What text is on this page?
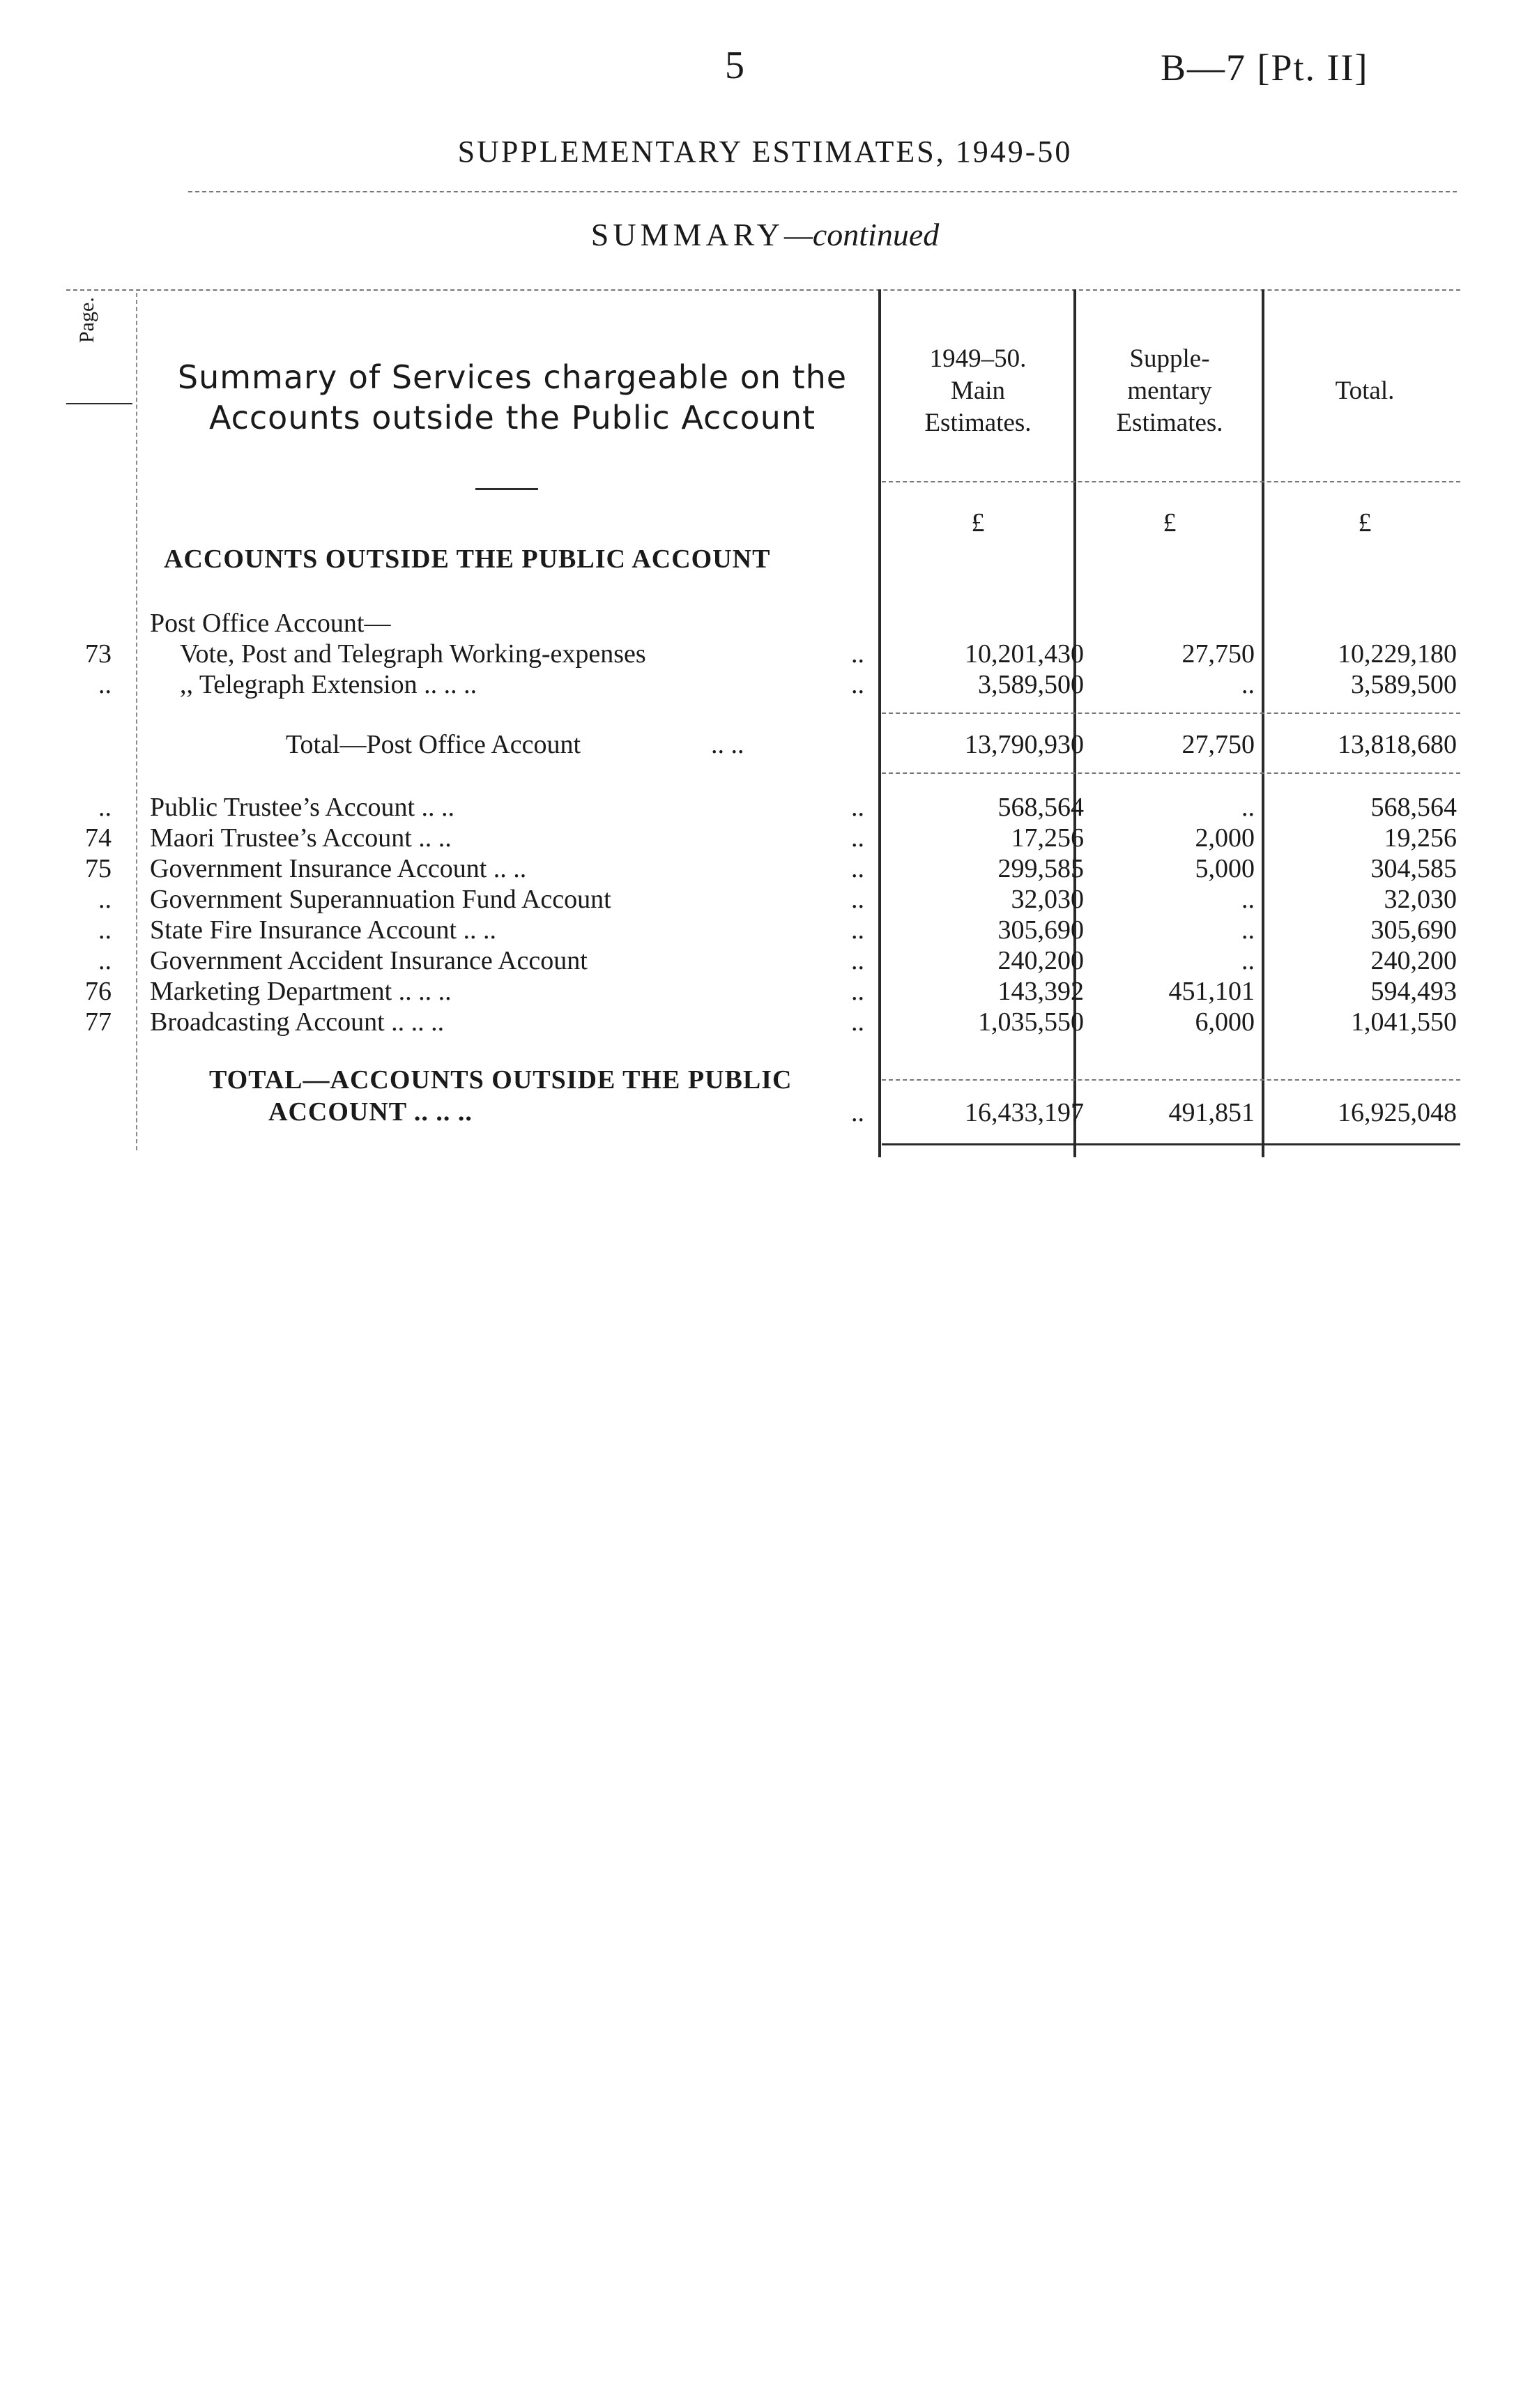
5	B—7 [Pt. II]
SUPPLEMENTARY ESTIMATES, 1949-50
SUMMARY—continued
Page.
Summary of Services chargeable on the
Accounts outside the Public Account
1949–50.
Main
Estimates.
Supple-
mentary
Estimates.
Total.
£	£	£
ACCOUNTS OUTSIDE THE PUBLIC ACCOUNT
Post Office Account—
73	Vote, Post and Telegraph Working-expenses	..	10,201,430	27,750	10,229,180
..	,, Telegraph Extension .. .. ..	..	3,589,500	..	3,589,500
Total—Post Office Account	.. ..	13,790,930	27,750	13,818,680
.. Public Trustee’s Account .. ..	..	568,564	..	568,564
74 Maori Trustee’s Account .. ..	..	17,256	2,000	19,256
75 Government Insurance Account .. ..	..	299,585	5,000	304,585
.. Government Superannuation Fund Account	..	32,030	..	32,030
.. State Fire Insurance Account .. ..	..	305,690	..	305,690
.. Government Accident Insurance Account	..	240,200	..	240,200
76 Marketing Department .. .. ..	..	143,392	451,101	594,493
77 Broadcasting Account .. .. ..	..	1,035,550	6,000	1,041,550
TOTAL—ACCOUNTS OUTSIDE THE PUBLIC
ACCOUNT .. .. ..	..	16,433,197	491,851	16,925,048
